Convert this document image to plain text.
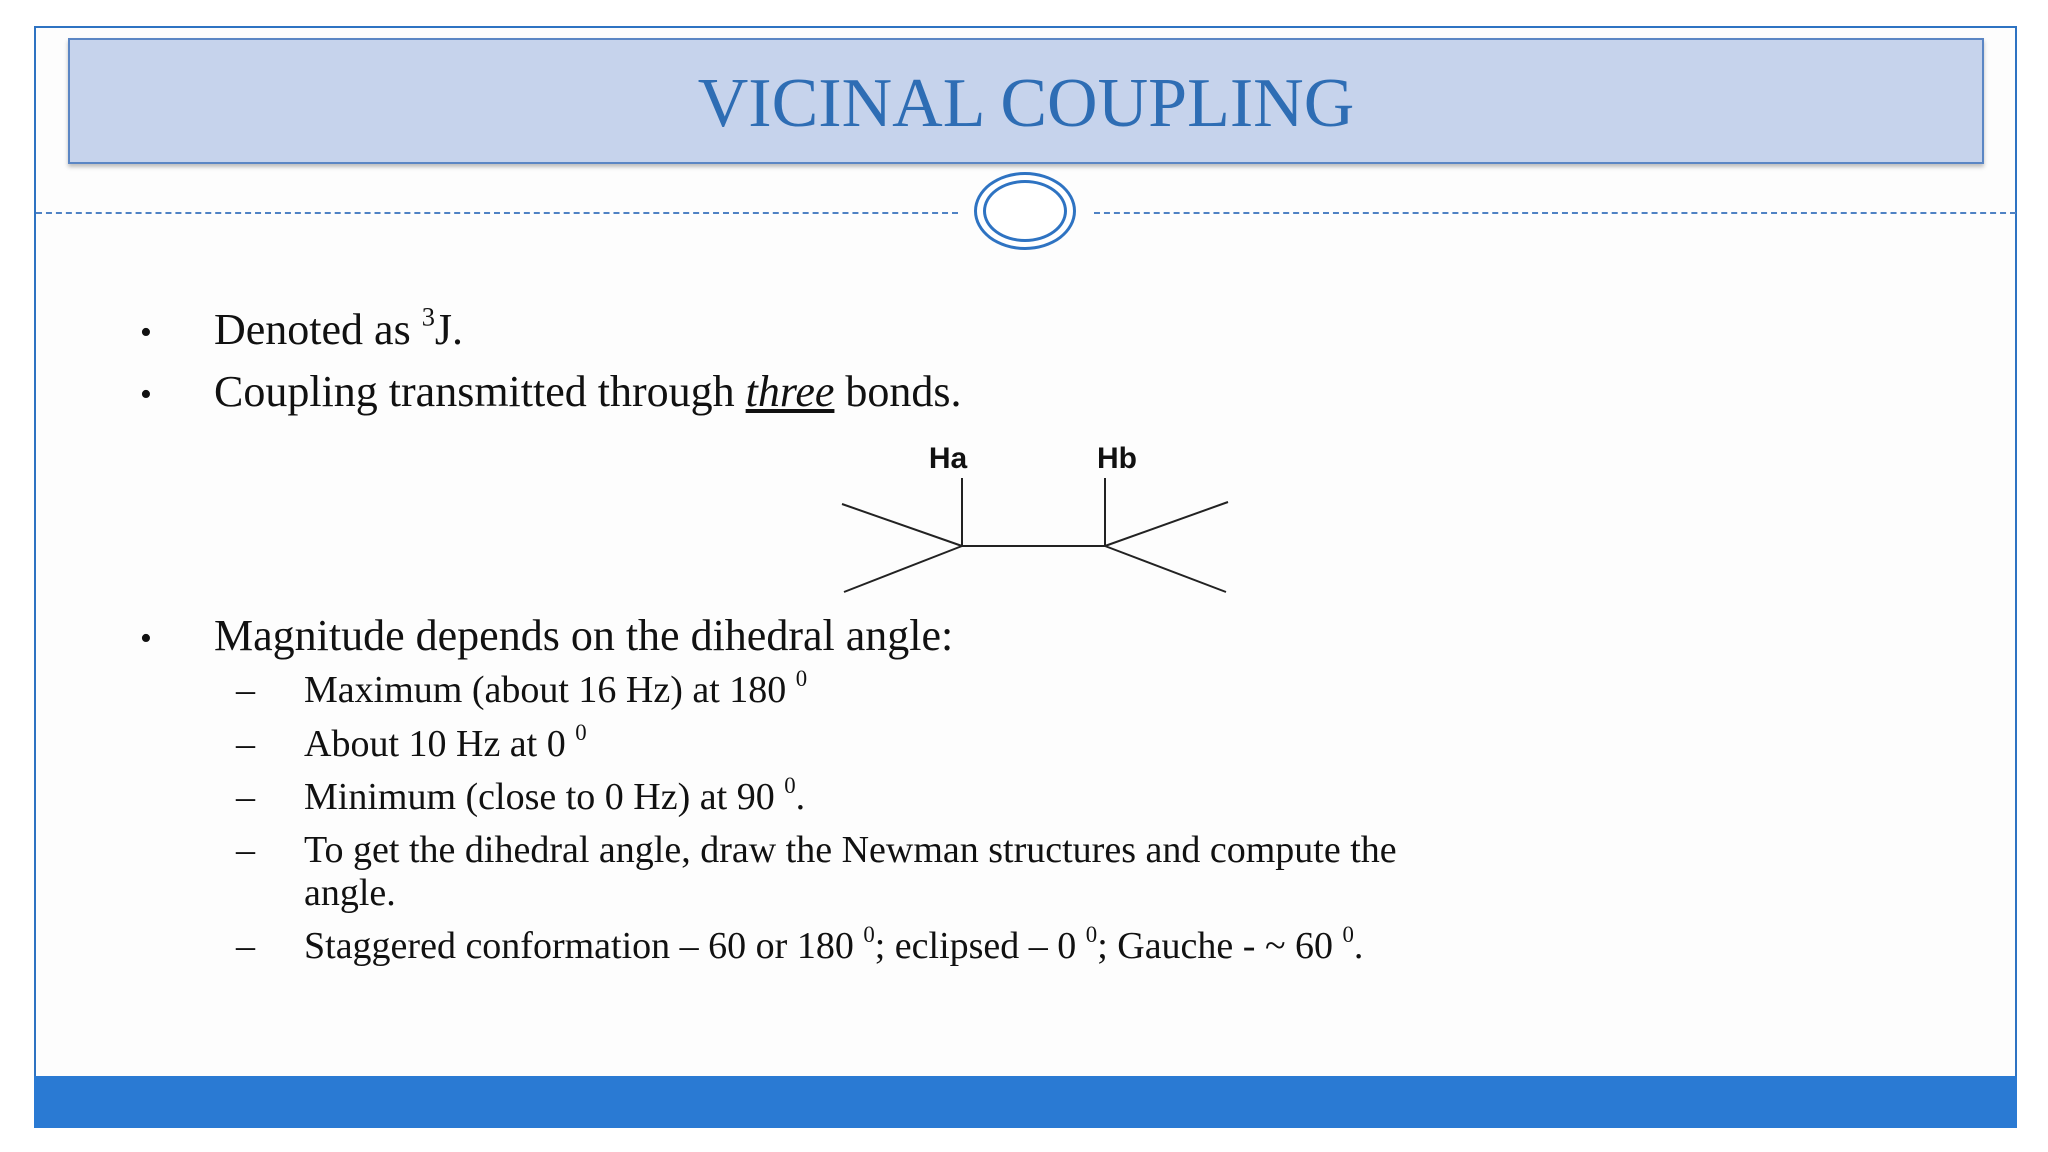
VICINAL COUPLING
• Denoted as $^3$J.
• Coupling transmitted through three bonds.
Ha	Hb
• Magnitude depends on the dihedral angle:
– Maximum (about 16 Hz) at 180 $^0$
– About 10 Hz at 0 $^0$
– Minimum (close to 0 Hz) at 90 $^0$.
– To get the dihedral angle, draw the Newman structures and compute the
angle.
– Staggered conformation – 60 or 180 $^0$; eclipsed – 0 $^0$; Gauche - ~ 60 $^0$.
